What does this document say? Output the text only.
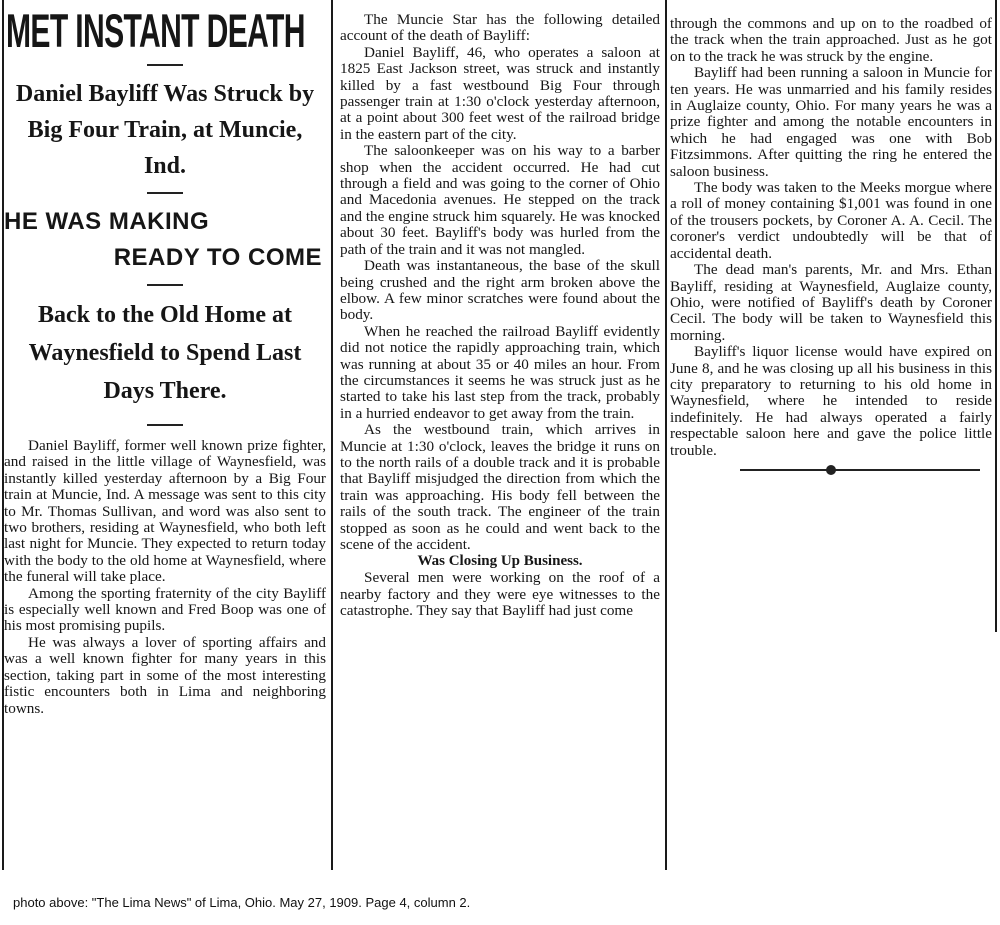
MET INSTANT DEATH
Daniel Bayliff Was Struck by Big Four Train, at Muncie, Ind.
HE WAS MAKING
READY TO COME
Back to the Old Home at Waynesfield to Spend Last Days There.

Daniel Bayliff, former well known prize fighter, and raised in the little village of Waynesfield, was instantly killed yesterday afternoon by a Big Four train at Muncie, Ind. A message was sent to this city to Mr. Thomas Sullivan, and word was also sent to two brothers, residing at Waynesfield, who both left last night for Muncie. They expected to return today with the body to the old home at Waynesfield, where the funeral will take place.

Among the sporting fraternity of the city Bayliff is especially well known and Fred Boop was one of his most promising pupils.

He was always a lover of sporting affairs and was a well known fighter for many years in this section, taking part in some of the most interesting fistic encounters both in Lima and neighboring towns.

The Muncie Star has the following detailed account of the death of Bayliff:

Daniel Bayliff, 46, who operates a saloon at 1825 East Jackson street, was struck and instantly killed by a fast westbound Big Four through passenger train at 1:30 o'clock yesterday afternoon, at a point about 300 feet west of the railroad bridge in the eastern part of the city.

The saloonkeeper was on his way to a barber shop when the accident occurred. He had cut through a field and was going to the corner of Ohio and Macedonia avenues. He stepped on the track and the engine struck him squarely. He was knocked about 30 feet. Bayliff's body was hurled from the path of the train and it was not mangled.

Death was instantaneous, the base of the skull being crushed and the right arm broken above the elbow. A few minor scratches were found about the body.

When he reached the railroad Bayliff evidently did not notice the rapidly approaching train, which was running at about 35 or 40 miles an hour. From the circumstances it seems he was struck just as he started to take his last step from the track, probably in a hurried endeavor to get away from the train.

As the westbound train, which arrives in Muncie at 1:30 o'clock, leaves the bridge it runs on to the north rails of a double track and it is probable that Bayliff misjudged the direction from which the train was approaching. His body fell between the rails of the south track. The engineer of the train stopped as soon as he could and went back to the scene of the accident.

Was Closing Up Business.

Several men were working on the roof of a nearby factory and they were eye witnesses to the catastrophe. They say that Bayliff had just come

through the commons and up on to the roadbed of the track when the train approached. Just as he got on to the track he was struck by the engine.

Bayliff had been running a saloon in Muncie for ten years. He was unmarried and his family resides in Auglaize county, Ohio. For many years he was a prize fighter and among the notable encounters in which he had engaged was one with Bob Fitzsimmons. After quitting the ring he entered the saloon business.

The body was taken to the Meeks morgue where a roll of money containing $1,001 was found in one of the trousers pockets, by Coroner A. A. Cecil. The coroner's verdict undoubtedly will be that of accidental death.

The dead man's parents, Mr. and Mrs. Ethan Bayliff, residing at Waynesfield, Auglaize county, Ohio, were notified of Bayliff's death by Coroner Cecil. The body will be taken to Waynesfield this morning.

Bayliff's liquor license would have expired on June 8, and he was closing up all his business in this city preparatory to returning to his old home in Waynesfield, where he intended to reside indefinitely. He had always operated a fairly respectable saloon here and gave the police little trouble.

photo above: "The Lima News" of Lima, Ohio. May 27, 1909. Page 4, column 2.
